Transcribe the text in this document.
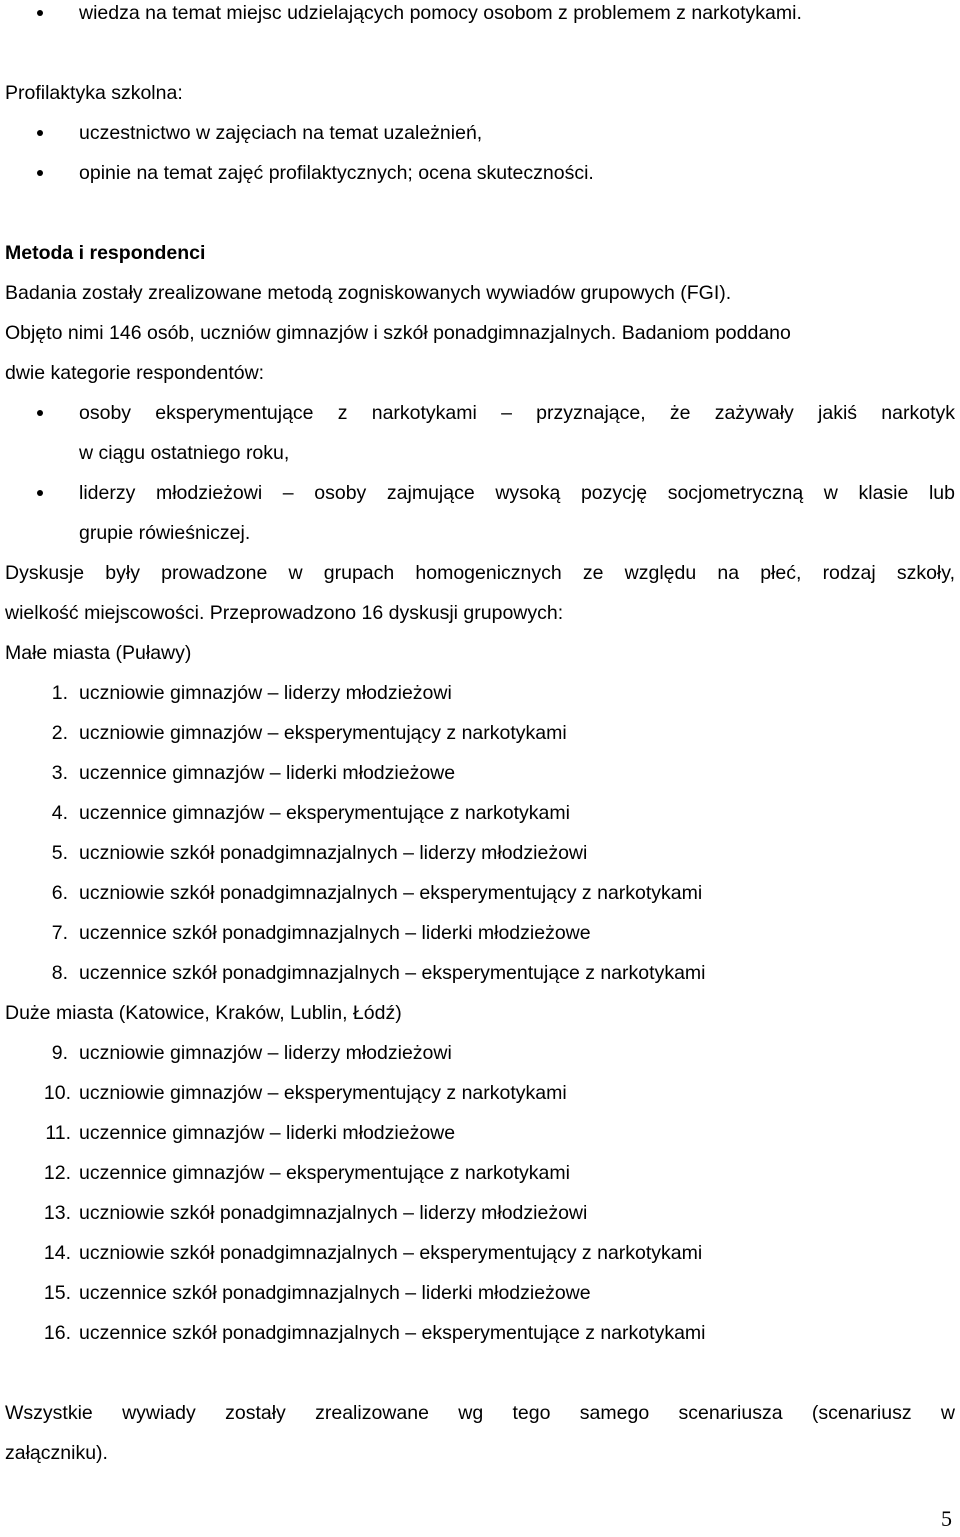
wiedza na temat miejsc udzielających pomocy osobom z problemem z narkotykami.
Profilaktyka szkolna:
uczestnictwo w zajęciach na temat uzależnień,
opinie na temat zajęć profilaktycznych; ocena skuteczności.
Metoda i respondenci
Badania zostały zrealizowane metodą zogniskowanych wywiadów grupowych (FGI).
Objęto nimi 146 osób, uczniów gimnazjów i szkół ponadgimnazjalnych. Badaniom poddano
dwie kategorie respondentów:
osoby eksperymentujące z narkotykami – przyznające, że zażywały jakiś narkotyk
w ciągu ostatniego roku,
liderzy młodzieżowi – osoby zajmujące wysoką pozycję socjometryczną w klasie lub
grupie rówieśniczej.
Dyskusje były prowadzone w grupach homogenicznych ze względu na płeć, rodzaj szkoły,
wielkość miejscowości. Przeprowadzono 16 dyskusji grupowych:
Małe miasta (Puławy)
1. uczniowie gimnazjów – liderzy młodzieżowi
2. uczniowie gimnazjów – eksperymentujący z narkotykami
3. uczennice gimnazjów – liderki młodzieżowe
4. uczennice gimnazjów – eksperymentujące z narkotykami
5. uczniowie szkół ponadgimnazjalnych – liderzy młodzieżowi
6. uczniowie szkół ponadgimnazjalnych – eksperymentujący z narkotykami
7. uczennice szkół ponadgimnazjalnych – liderki młodzieżowe
8. uczennice szkół ponadgimnazjalnych – eksperymentujące z narkotykami
Duże miasta (Katowice, Kraków, Lublin, Łódź)
9. uczniowie gimnazjów – liderzy młodzieżowi
10. uczniowie gimnazjów – eksperymentujący z narkotykami
11. uczennice gimnazjów – liderki młodzieżowe
12. uczennice gimnazjów – eksperymentujące z narkotykami
13. uczniowie szkół ponadgimnazjalnych – liderzy młodzieżowi
14. uczniowie szkół ponadgimnazjalnych – eksperymentujący z narkotykami
15. uczennice szkół ponadgimnazjalnych – liderki młodzieżowe
16. uczennice szkół ponadgimnazjalnych – eksperymentujące z narkotykami
Wszystkie wywiady zostały zrealizowane wg tego samego scenariusza (scenariusz w
załączniku).
5
